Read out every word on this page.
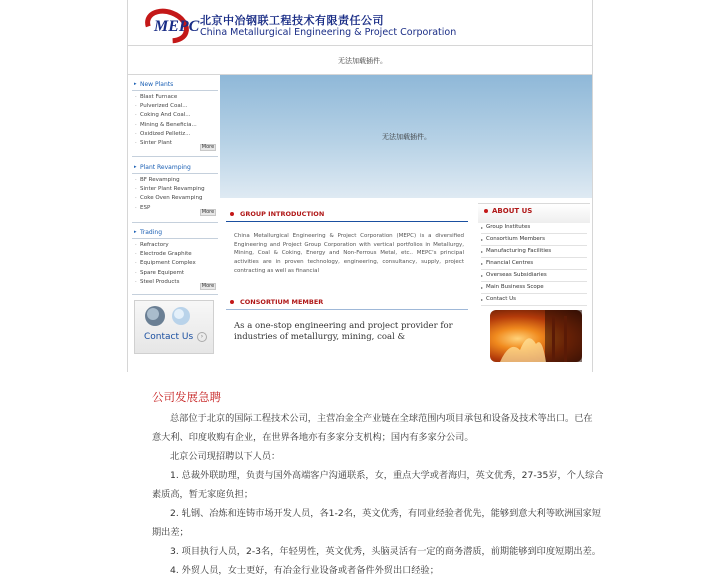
MEPC 北京中冶钢联工程技术有限责任公司
China Metallurgical Engineering & Project Corporation
无法加载插件。
▸ New Plants
· Blast Furnace
· Pulverized Coal...
· Coking And Coal...
· Mining & Beneficia...
· Oxidized Pelletiz...
· Sinter Plant
More
▸ Plant Revamping
· BF Revamping
· Sinter Plant Revamping
· Coke Oven Revamping
· ESP
More
▸ Trading
· Refractory
· Electrode Graphite
· Equipment Complex
· Spare Equipemt
· Steel Products
More
Contact Us	›
无法加载插件。
GROUP INTRODUCTION
China Metallurgical Engineering & Project Corporation (MEPC) is a diversified Engineering and Project Group Corporation with vertical portfolios in Metallurgy, Mining, Coal & Coking, Energy and Non-Ferrous Metal, etc.. MEPC's principal activities are in proven technology, engineering, consultancy, supply, project contracting as well as financial
CONSORTIUM MEMBER
As a one-stop engineering and project provider for industries of metallurgy, mining, coal &
ABOUT US
▸ Group Institutes
▸ Consortium Members
▸ Manufacturing Facilities
▸ Financial Centres
▸ Overseas Subsidiaries
▸ Main Business Scope
▸ Contact Us
公司发展急聘
总部位于北京的国际工程技术公司，主营冶金全产业链在全球范围内项目承包和设备及技术等出口。已在
意大利、印度收购有企业，在世界各地亦有多家分支机构；国内有多家分公司。
北京公司现招聘以下人员：
1. 总裁外联助理，负责与国外高端客户沟通联系，女，重点大学或者海归，英文优秀，27-35岁，个人综合
素质高，暂无家庭负担；
2. 轧钢、冶炼和连铸市场开发人员，各1-2名，英文优秀，有同业经验者优先，能够到意大利等欧洲国家短
期出差；
3. 项目执行人员，2-3名，年轻男性，英文优秀，头脑灵活有一定的商务潜质，前期能够到印度短期出差。
4. 外贸人员，女士更好，有冶金行业设备或者备件外贸出口经验；
